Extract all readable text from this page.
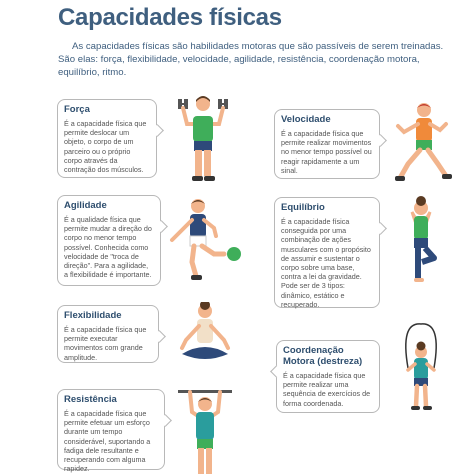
Capacidades físicas
As capacidades físicas são habilidades motoras que são passíveis de serem treinadas. São elas: força, flexibilidade, velocidade, agilidade, resistência, coordenação motora, equilíbrio, ritmo.
Força

É a capacidade física que permite deslocar um objeto, o corpo de um parceiro ou o próprio corpo através da contração dos músculos.

Velocidade

É a capacidade física que permite realizar movimentos no menor tempo possível ou reagir rapidamente a um sinal.

Agilidade

É a qualidade física que permite mudar a direção do corpo no menor tempo possível. Conhecida como velocidade de "troca de direção". Para a agilidade, a flexibilidade é importante.

Equilíbrio

É a capacidade física conseguida por uma combinação de ações musculares com o propósito de assumir e sustentar o corpo sobre uma base, contra a lei da gravidade. Pode ser de 3 tipos: dinâmico, estático e recuperado.

Flexibilidade

É a capacidade física que permite executar movimentos com grande amplitude.

Coordenação Motora (destreza)

É a capacidade física que permite realizar uma sequência de exercícios de forma coordenada.

Resistência

É a capacidade física que permite efetuar um esforço durante um tempo considerável, suportando a fadiga dele resultante e recuperando com alguma rapidez.
